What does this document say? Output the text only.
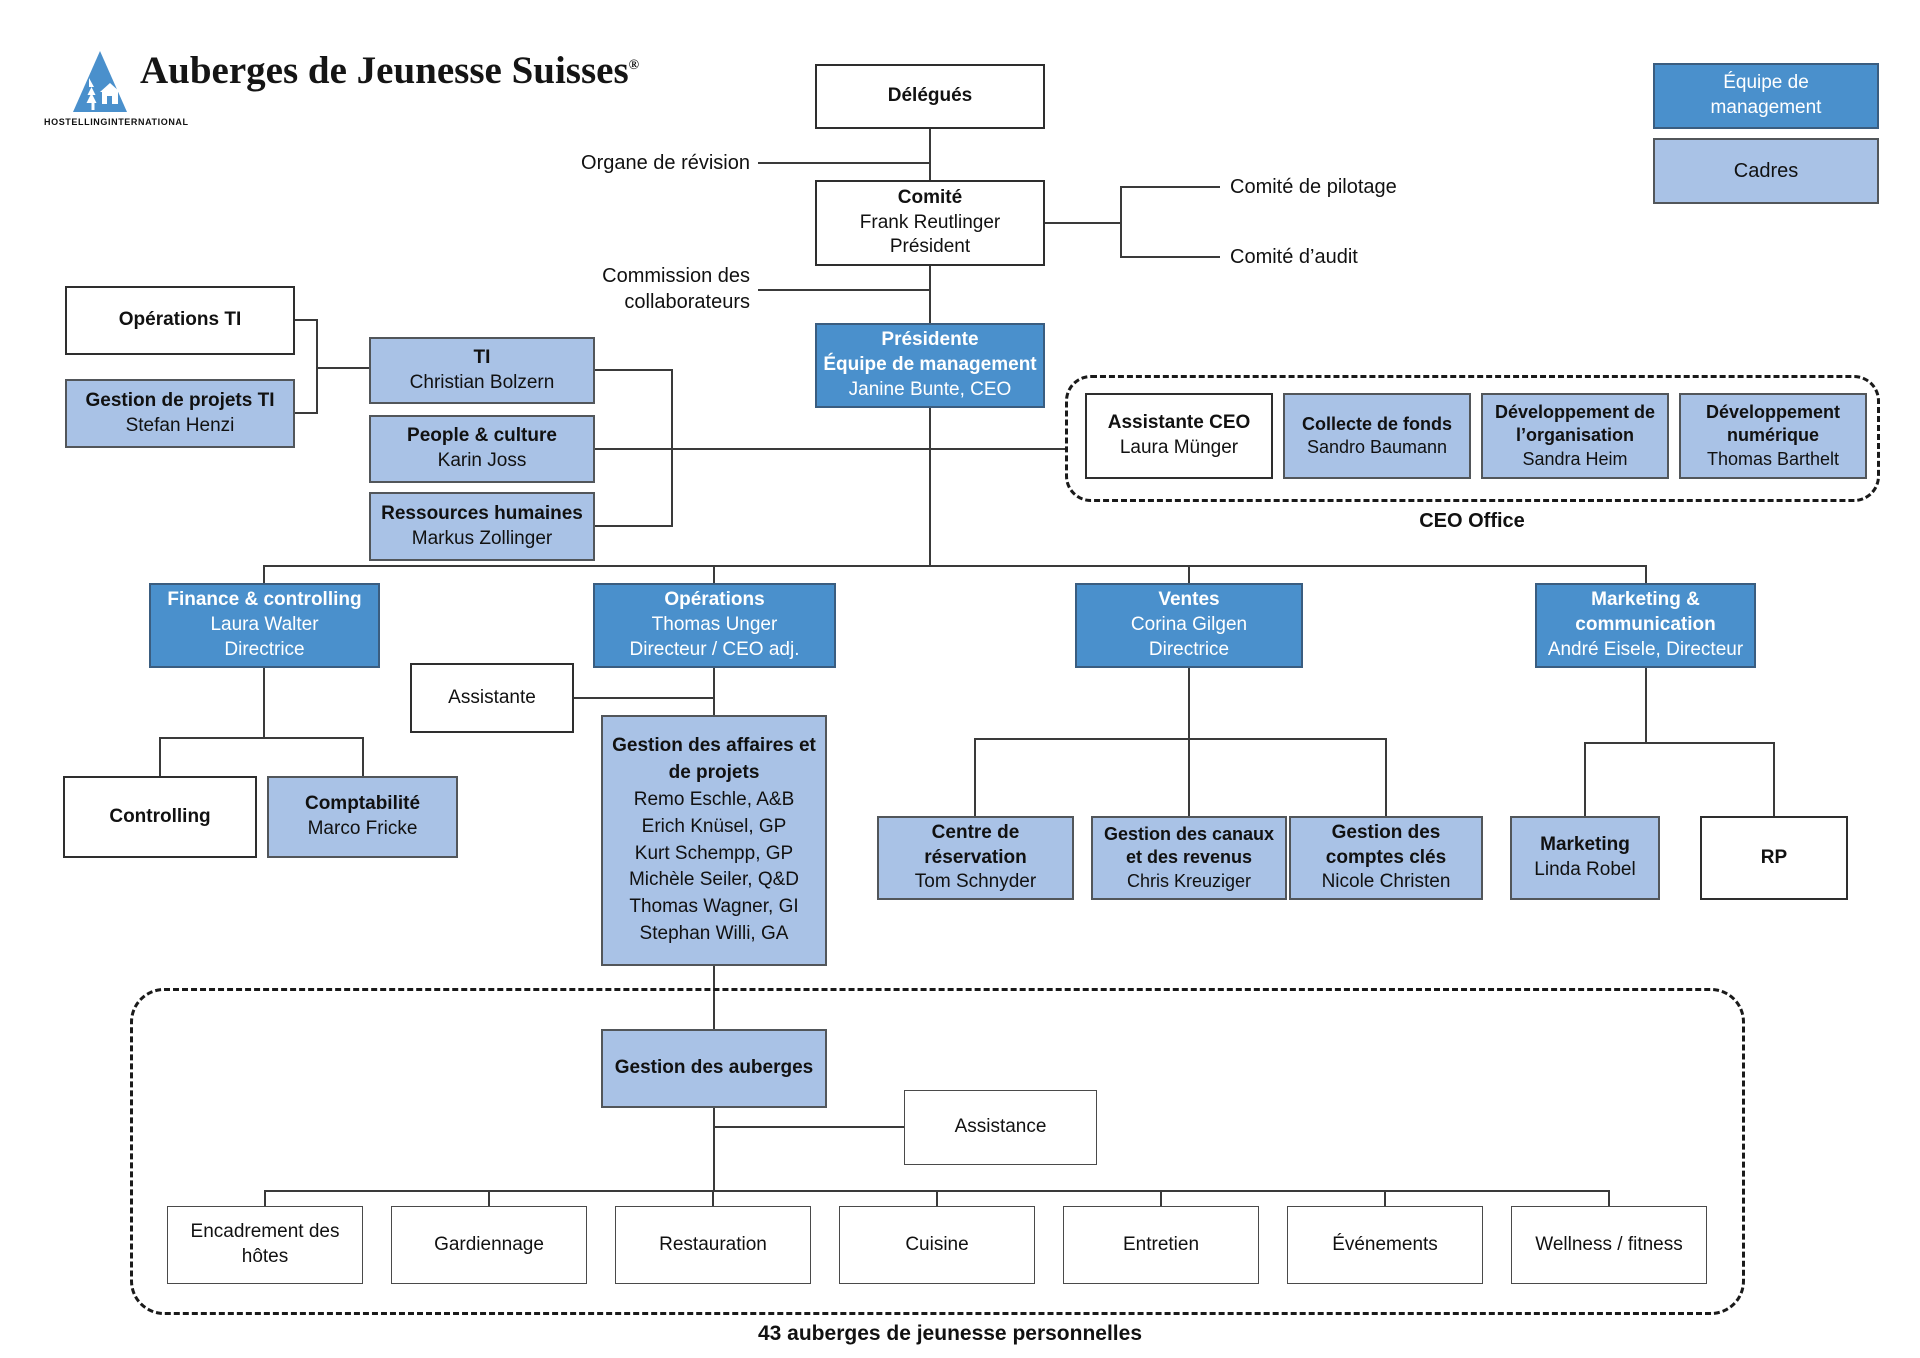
HOSTELLINGINTERNATIONAL
Auberges de Jeunesse Suisses®
Équipe de
management
Cadres
Organe de révision
Commission des
collaborateurs
Comité de pilotage
Comité d’audit
CEO Office
43 auberges de jeunesse personnelles
Délégués
Comité
Frank Reutlinger
Président
Présidente
Équipe de management
Janine Bunte, CEO
Opérations TI
Gestion de projets TI
Stefan Henzi
TI
Christian Bolzern
People & culture
Karin Joss
Ressources humaines
Markus Zollinger
Assistante CEO
Laura Münger
Collecte de fonds
Sandro Baumann
Développement de
l’organisation
Sandra Heim
Développement
numérique
Thomas Barthelt
Finance & controlling
Laura Walter
Directrice
Opérations
Thomas Unger
Directeur / CEO adj.
Ventes
Corina Gilgen
Directrice
Marketing &
communication
André Eisele, Directeur
Assistante
Controlling
Comptabilité
Marco Fricke
Gestion des affaires et
de projets
Remo Eschle, A&B
Erich Knüsel, GP
Kurt Schempp, GP
Michèle Seiler, Q&D
Thomas Wagner, GI
Stephan Willi, GA
Centre de
réservation
Tom Schnyder
Gestion des canaux
et des revenus
Chris Kreuziger
Gestion des
comptes clés
Nicole Christen
Marketing
Linda Robel
RP
Gestion des auberges
Assistance
Encadrement des hôtes
Gardiennage	Restauration	Cuisine	Entretien	Événements	Wellness / fitness
